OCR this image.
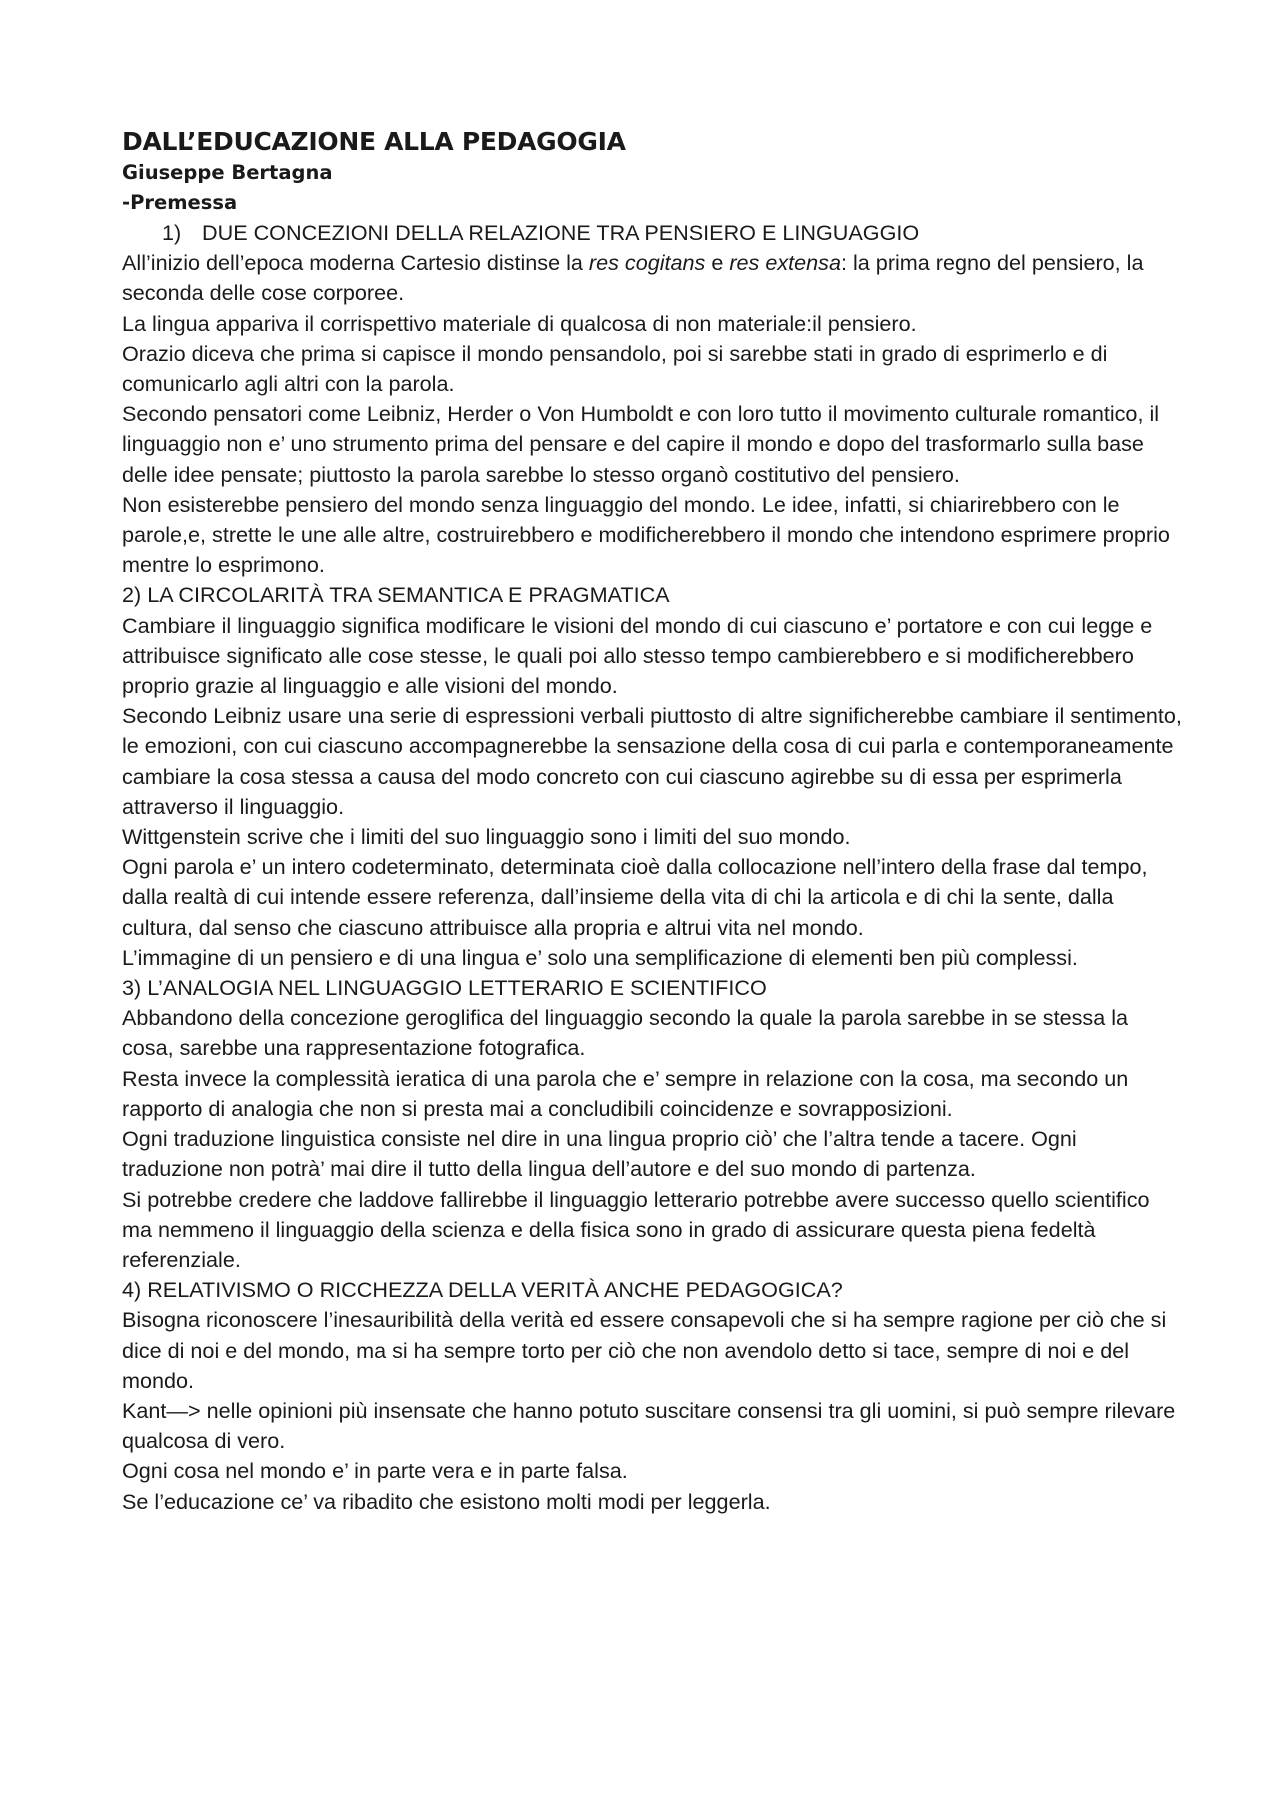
DALL’EDUCAZIONE ALLA PEDAGOGIA

Giuseppe Bertagna

-Premessa

1) DUE CONCEZIONI DELLA RELAZIONE TRA PENSIERO E LINGUAGGIO

All’inizio dell’epoca moderna Cartesio distinse la res cogitans e res extensa: la prima regno del pensiero, la seconda delle cose corporee.

La lingua appariva il corrispettivo materiale di qualcosa di non materiale:il pensiero.

Orazio diceva che prima si capisce il mondo pensandolo, poi si sarebbe stati in grado di esprimerlo e di comunicarlo agli altri con la parola.

Secondo pensatori come Leibniz, Herder o Von Humboldt e con loro tutto il movimento culturale romantico, il linguaggio non e’ uno strumento prima del pensare e del capire il mondo e dopo del trasformarlo sulla base delle idee pensate; piuttosto la parola sarebbe lo stesso organò costitutivo del pensiero.

Non esisterebbe pensiero del mondo senza linguaggio del mondo. Le idee, infatti, si chiarirebbero con le parole,e, strette le une alle altre, costruirebbero e modificherebbero il mondo che intendono esprimere proprio mentre lo esprimono.

2) LA CIRCOLARITÀ TRA SEMANTICA E PRAGMATICA

Cambiare il linguaggio significa modificare le visioni del mondo di cui ciascuno e’ portatore e con cui legge e attribuisce significato alle cose stesse, le quali poi allo stesso tempo cambierebbero e si modificherebbero proprio grazie al linguaggio e alle visioni del mondo.

Secondo Leibniz usare una serie di espressioni verbali piuttosto di altre significherebbe cambiare il sentimento, le emozioni, con cui ciascuno accompagnerebbe la sensazione della cosa di cui parla e contemporaneamente cambiare la cosa stessa a causa del modo concreto con cui ciascuno agirebbe su di essa per esprimerla attraverso il linguaggio.

Wittgenstein scrive che i limiti del suo linguaggio sono i limiti del suo mondo.

Ogni parola e’ un intero codeterminato, determinata cioè dalla collocazione nell’intero della frase dal tempo, dalla realtà di cui intende essere referenza, dall’insieme della vita di chi la articola e di chi la sente, dalla cultura, dal senso che ciascuno attribuisce alla propria e altrui vita nel mondo.

L’immagine di un pensiero e di una lingua e’ solo una semplificazione di elementi ben più complessi.

3) L’ANALOGIA NEL LINGUAGGIO LETTERARIO E SCIENTIFICO

Abbandono della concezione geroglifica del linguaggio secondo la quale la parola sarebbe in se stessa la cosa, sarebbe una rappresentazione fotografica.

Resta invece la complessità ieratica di una parola che e’ sempre in relazione con la cosa, ma secondo un rapporto di analogia che non si presta mai a concludibili coincidenze e sovrapposizioni.

Ogni traduzione linguistica consiste nel dire in una lingua proprio ciò’ che l’altra tende a tacere. Ogni traduzione non potrà’ mai dire il tutto della lingua dell’autore e del suo mondo di partenza.

Si potrebbe credere che laddove fallirebbe il linguaggio letterario potrebbe avere successo quello scientifico ma nemmeno il linguaggio della scienza e della fisica sono in grado di assicurare questa piena fedeltà referenziale.

4) RELATIVISMO O RICCHEZZA DELLA VERITÀ ANCHE PEDAGOGICA?

Bisogna riconoscere l’inesauribilità della verità ed essere consapevoli che si ha sempre ragione per ciò che si dice di noi e del mondo, ma si ha sempre torto per ciò che non avendolo detto si tace, sempre di noi e del mondo.

Kant—> nelle opinioni più insensate che hanno potuto suscitare consensi tra gli uomini, si può sempre rilevare qualcosa di vero.

Ogni cosa nel mondo e’ in parte vera e in parte falsa.

Se l’educazione ce’ va ribadito che esistono molti modi per leggerla.
